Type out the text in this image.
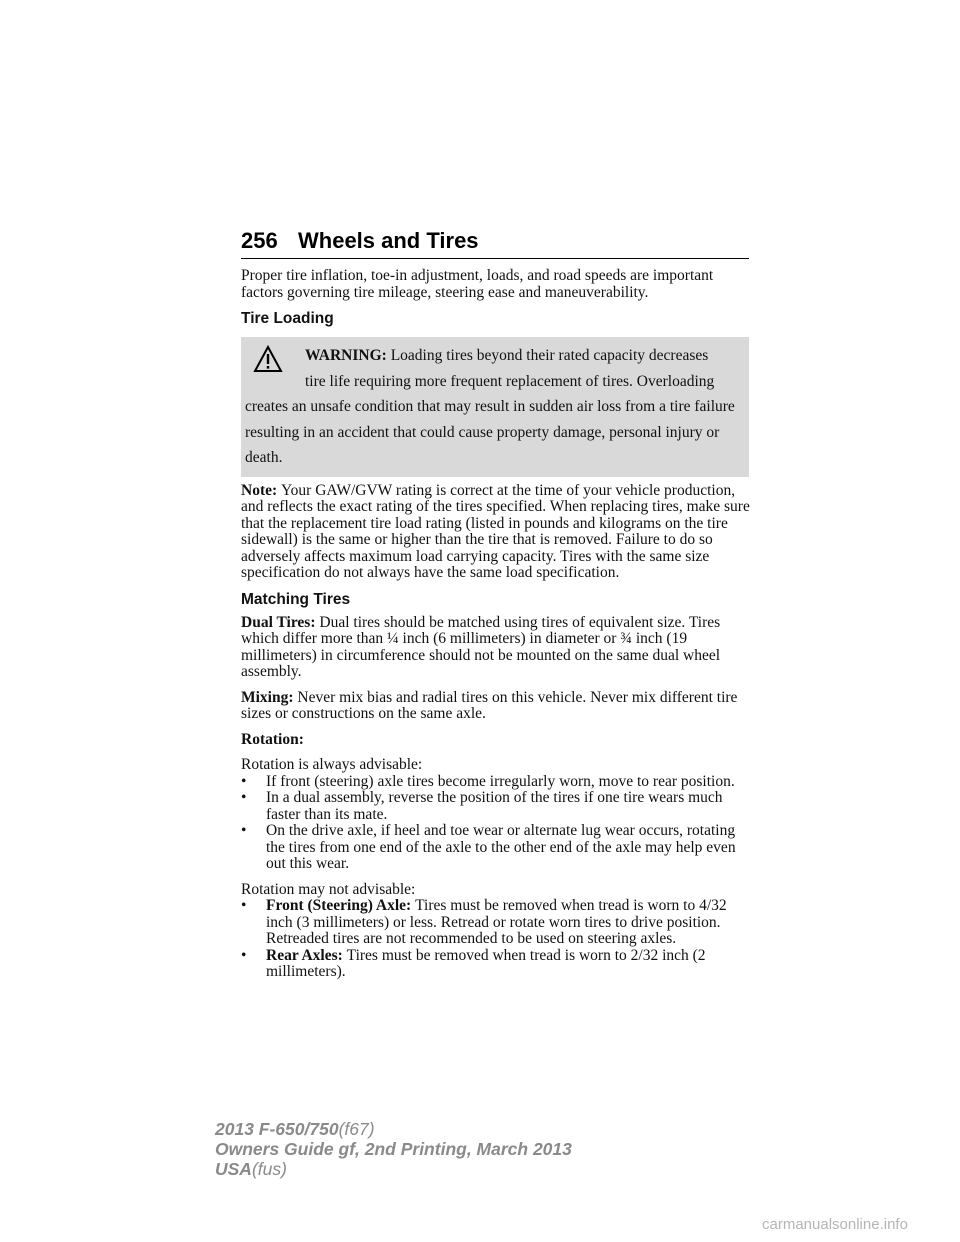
256 Wheels and Tires

Proper tire inflation, toe-in adjustment, loads, and road speeds are important factors governing tire mileage, steering ease and maneuverability.

Tire Loading

WARNING: Loading tires beyond their rated capacity decreases
tire life requiring more frequent replacement of tires. Overloading
creates an unsafe condition that may result in sudden air loss from a tire failure resulting in an accident that could cause property damage, personal injury or death.

Note: Your GAW/GVW rating is correct at the time of your vehicle production, and reflects the exact rating of the tires specified. When replacing tires, make sure that the replacement tire load rating (listed in pounds and kilograms on the tire sidewall) is the same or higher than the tire that is removed. Failure to do so adversely affects maximum load carrying capacity. Tires with the same size specification do not always have the same load specification.

Matching Tires

Dual Tires: Dual tires should be matched using tires of equivalent size. Tires which differ more than ¼ inch (6 millimeters) in diameter or ¾ inch (19 millimeters) in circumference should not be mounted on the same dual wheel assembly.

Mixing: Never mix bias and radial tires on this vehicle. Never mix different tire sizes or constructions on the same axle.

Rotation:

Rotation is always advisable:

• If front (steering) axle tires become irregularly worn, move to rear position.
• In a dual assembly, reverse the position of the tires if one tire wears much faster than its mate.
• On the drive axle, if heel and toe wear or alternate lug wear occurs, rotating the tires from one end of the axle to the other end of the axle may help even out this wear.

Rotation may not advisable:

• Front (Steering) Axle: Tires must be removed when tread is worn to 4/32 inch (3 millimeters) or less. Retread or rotate worn tires to drive position. Retreaded tires are not recommended to be used on steering axles.
• Rear Axles: Tires must be removed when tread is worn to 2/32 inch (2 millimeters).
2013 F-650/750(f67)
Owners Guide gf, 2nd Printing, March 2013
USA(fus)
carmanualsonline.info
